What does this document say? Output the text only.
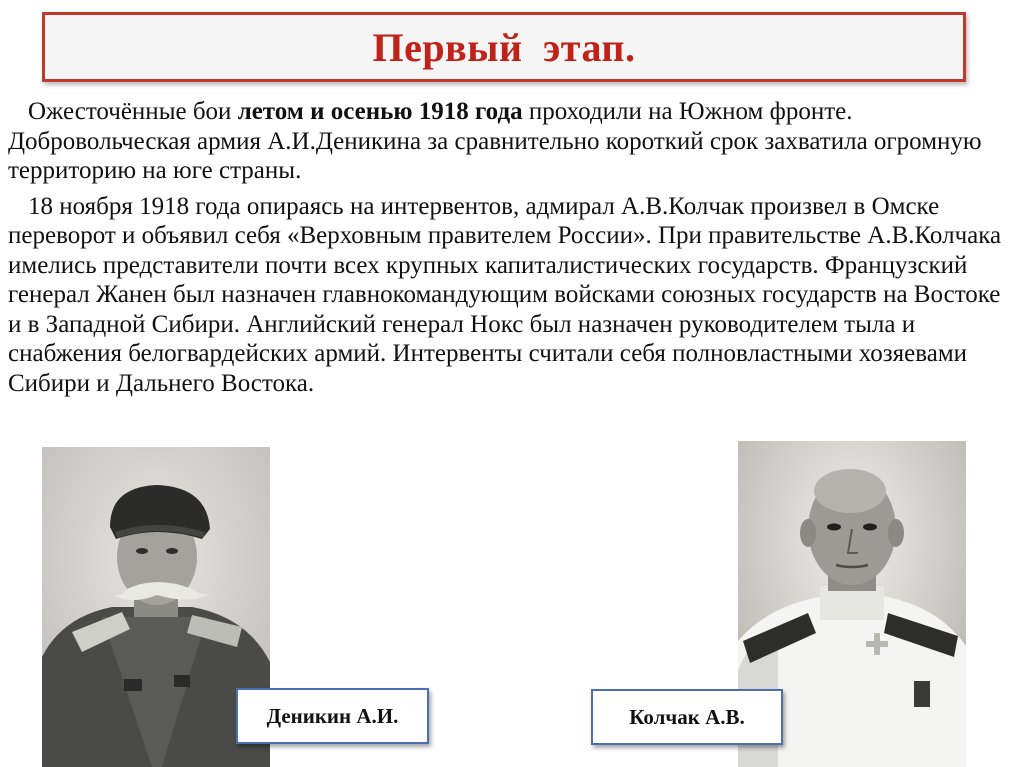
Первый этап.

Ожесточённые бои летом и осенью 1918 года проходили на Южном фронте. Добровольческая армия А.И.Деникина за сравнительно короткий срок захватила огромную территорию на юге страны.

18 ноября 1918 года опираясь на интервентов, адмирал А.В.Колчак произвел в Омске переворот и объявил себя «Верховным правителем России». При правительстве А.В.Колчака имелись представители почти всех крупных капиталистических государств. Французский генерал Жанен был назначен главнокомандующим войсками союзных государств на Востоке и в Западной Сибири. Английский генерал Нокс был назначен руководителем тыла и снабжения белогвардейских армий. Интервенты считали себя полновластными хозяевами Сибири и Дальнего Востока.

Деникин А.И.	Колчак А.В.
